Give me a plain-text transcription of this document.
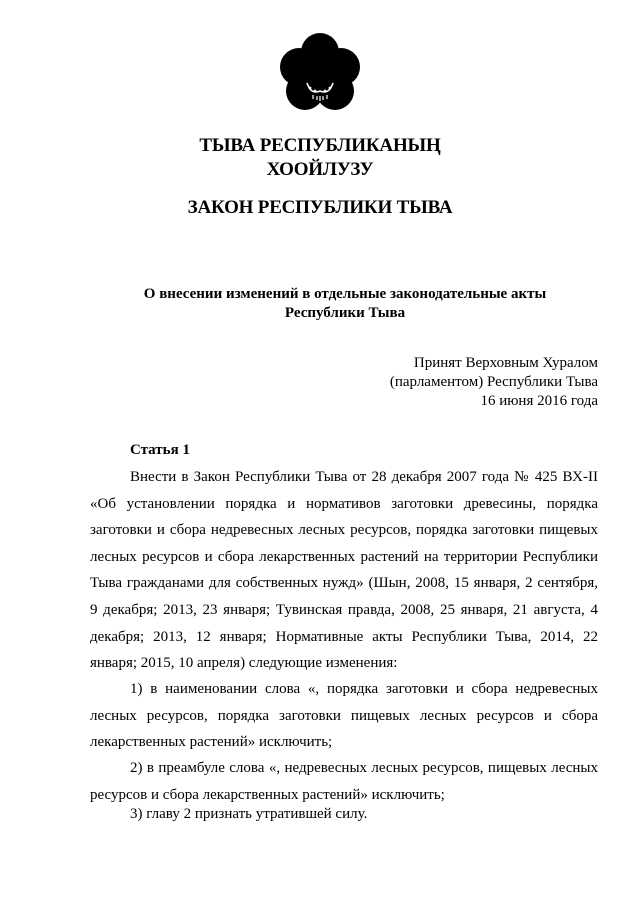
ТЫВА РЕСПУБЛИКАНЫҢ
ХООЙЛУЗУ
ЗАКОН РЕСПУБЛИКИ ТЫВА
О внесении изменений в отдельные законодательные акты
Республики Тыва
Принят Верховным Хуралом
(парламентом) Республики Тыва
16 июня 2016 года
Статья 1
Внести в Закон Республики Тыва от 28 декабря 2007 года № 425 ВХ-II
«Об установлении порядка и нормативов заготовки древесины, порядка
заготовки и сбора недревесных лесных ресурсов, порядка заготовки пищевых
лесных ресурсов и сбора лекарственных растений на территории Республики
Тыва гражданами для собственных нужд» (Шын, 2008, 15 января, 2 сентября,
9 декабря; 2013, 23 января; Тувинская правда, 2008, 25 января, 21 августа, 4
декабря; 2013, 12 января; Нормативные акты Республики Тыва, 2014, 22
января; 2015, 10 апреля) следующие изменения:
1) в наименовании слова «, порядка заготовки и сбора недревесных
лесных ресурсов, порядка заготовки пищевых лесных ресурсов и сбора
лекарственных растений» исключить;
2) в преамбуле слова «, недревесных лесных ресурсов, пищевых лесных
ресурсов и сбора лекарственных растений» исключить;
3) главу 2 признать утратившей силу.
